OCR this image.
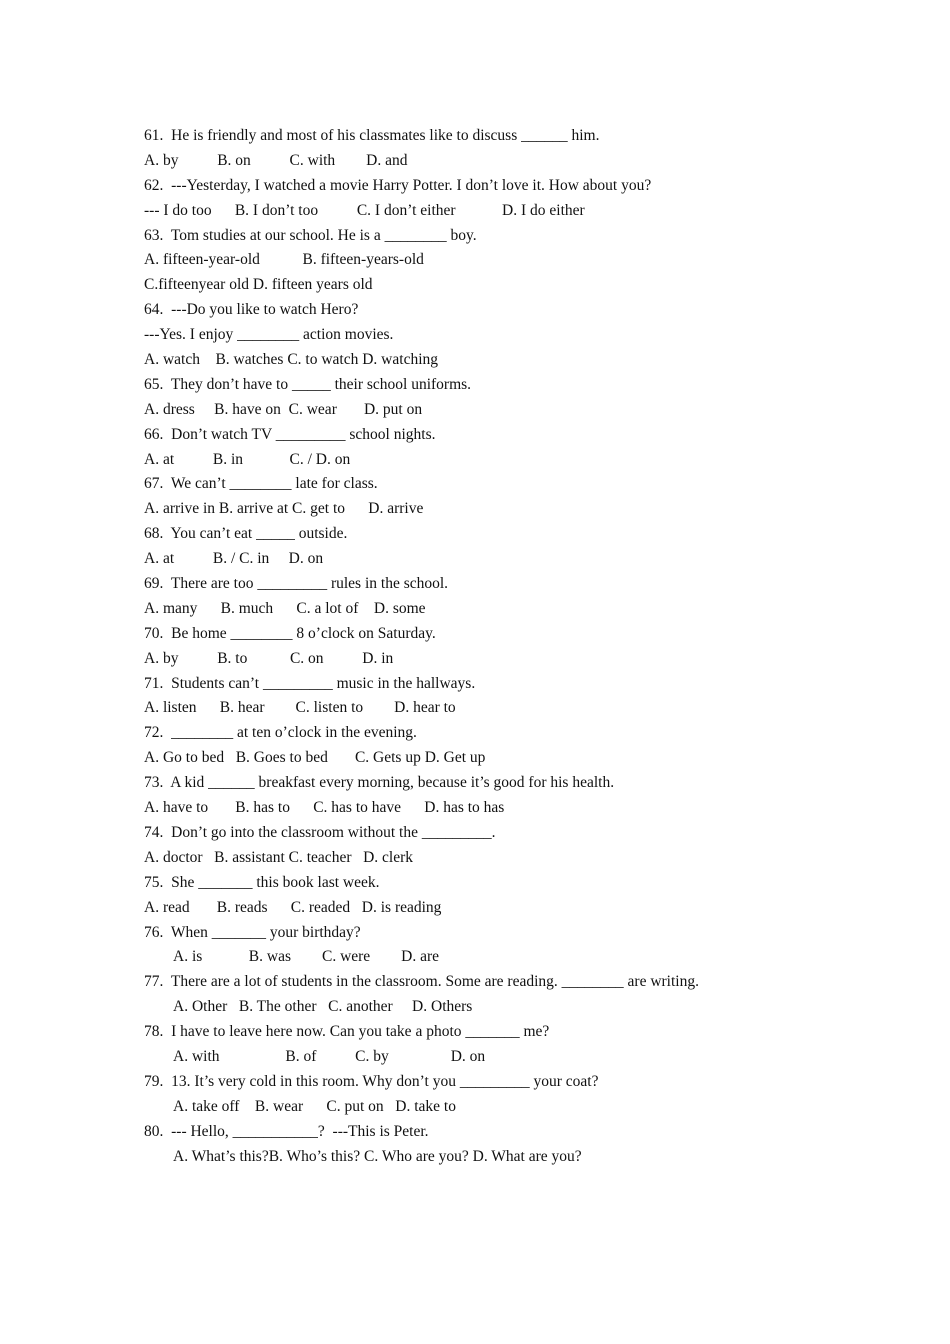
61.  He is friendly and most of his classmates like to discuss ______ him.
A. by          B. on          C. with        D. and
62.  ---Yesterday, I watched a movie Harry Potter. I don’t love it. How about you?
--- I do too      B. I don’t too          C. I don’t either            D. I do either
63.  Tom studies at our school. He is a ________ boy.
A. fifteen-year-old           B. fifteen-years-old
C.fifteenyear old D. fifteen years old
64.  ---Do you like to watch Hero?
---Yes. I enjoy ________ action movies.
A. watch    B. watches C. to watch D. watching
65.  They don’t have to _____ their school uniforms.
A. dress     B. have on  C. wear       D. put on
66.  Don’t watch TV _________ school nights.
A. at          B. in            C. / D. on
67.  We can’t ________ late for class.
A. arrive in B. arrive at C. get to      D. arrive
68.  You can’t eat _____ outside.
A. at          B. / C. in     D. on
69.  There are too _________ rules in the school.
A. many      B. much      C. a lot of    D. some
70.  Be home ________ 8 o’clock on Saturday.
A. by          B. to           C. on          D. in
71.  Students can’t _________ music in the hallways.
A. listen      B. hear        C. listen to        D. hear to
72.  ________ at ten o’clock in the evening.
A. Go to bed   B. Goes to bed       C. Gets up D. Get up
73.  A kid ______ breakfast every morning, because it’s good for his health.
A. have to       B. has to      C. has to have      D. has to has
74.  Don’t go into the classroom without the _________.
A. doctor   B. assistant C. teacher   D. clerk
75.  She _______ this book last week.
A. read       B. reads      C. readed   D. is reading
76.  When _______ your birthday?
A. is            B. was        C. were        D. are
77.  There are a lot of students in the classroom. Some are reading. ________ are writing.
A. Other   B. The other   C. another     D. Others
78.  I have to leave here now. Can you take a photo _______ me?
A. with                 B. of          C. by                D. on
79.  13. It’s very cold in this room. Why don’t you _________ your coat?
A. take off    B. wear      C. put on   D. take to
80.  --- Hello, ___________?  ---This is Peter.
A. What’s this?B. Who’s this? C. Who are you? D. What are you?
